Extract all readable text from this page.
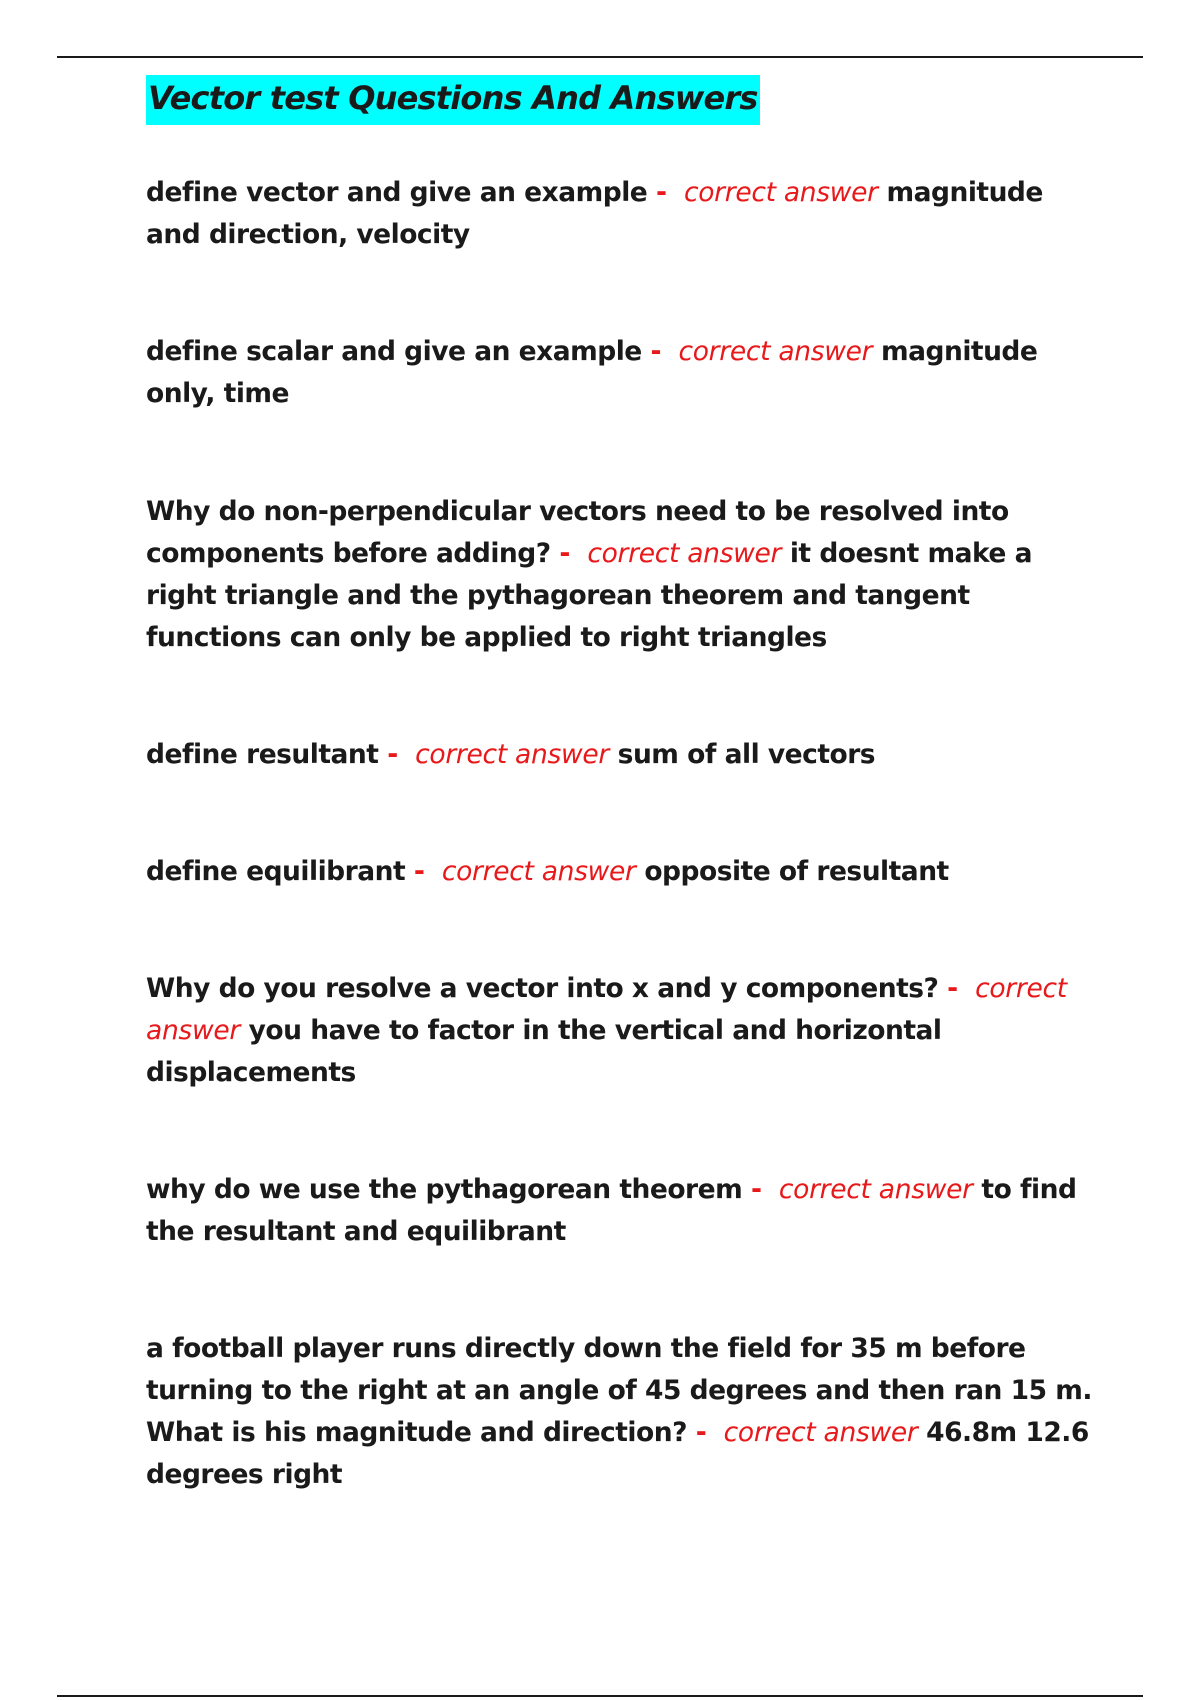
Vector test Questions And Answers

define vector and give an example - correct answer magnitude and direction, velocity

define scalar and give an example - correct answer magnitude only, time

Why do non-perpendicular vectors need to be resolved into components before adding? - correct answer it doesnt make a right triangle and the pythagorean theorem and tangent functions can only be applied to right triangles

define resultant - correct answer sum of all vectors

define equilibrant - correct answer opposite of resultant

Why do you resolve a vector into x and y components? - correct answer you have to factor in the vertical and horizontal displacements

why do we use the pythagorean theorem - correct answer to find the resultant and equilibrant

a football player runs directly down the field for 35 m before turning to the right at an angle of 45 degrees and then ran 15 m. What is his magnitude and direction? - correct answer 46.8m 12.6 degrees right
